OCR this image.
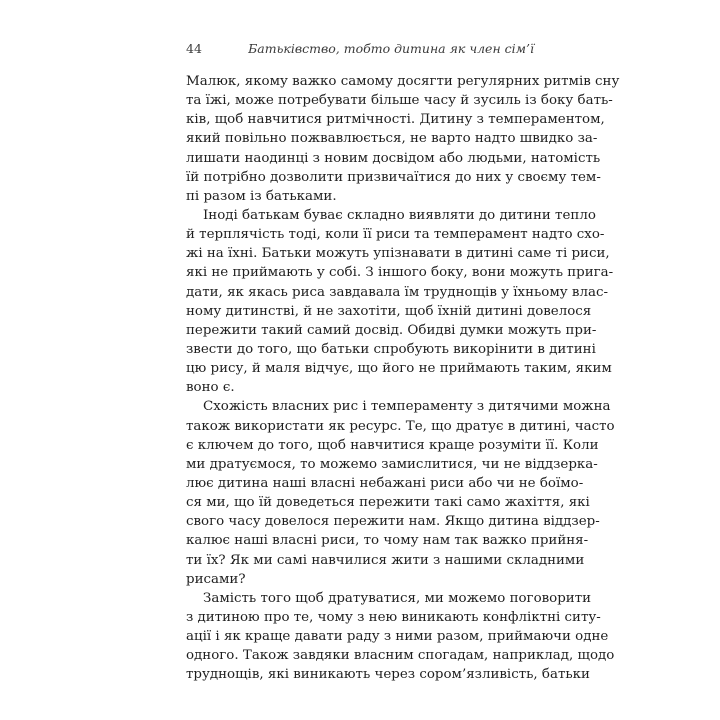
44	Батьківство, тобто дитина як член сім’ї
Малюк, якому важко самому досягти регулярних ритмів сну
та їжі, може потребувати більше часу й зусиль із боку бать-
ків, щоб навчитися ритмічності. Дитину з темпераментом,
який повільно пожвавлюється, не варто надто швидко за-
лишати наодинці з новим досвідом або людьми, натомість
їй потрібно дозволити призвичаїтися до них у своєму тем-
пі разом із батьками.
Іноді батькам буває складно виявляти до дитини тепло
й терплячість тоді, коли її риси та темперамент надто схо-
жі на їхні. Батьки можуть упізнавати в дитині саме ті риси,
які не приймають у собі. З іншого боку, вони можуть пригa-
дати, як якась риса завдавала їм труднощів у їхньому влас-
ному дитинстві, й не захотіти, щоб їхній дитині довелося
пережити такий самий досвід. Обидві думки можуть при-
звести до того, що батьки спробують викорінити в дитині
цю рису, й маля відчує, що його не приймають таким, яким
воно є.
Схожість власних рис і темпераменту з дитячими можна
також використати як ресурс. Те, що дратує в дитині, часто
є ключем до того, щоб навчитися краще розуміти її. Коли
ми дратуємося, то можемо замислитися, чи не віддзеркa-
лює дитина наші власні небажані риси або чи не боїмо-
ся ми, що їй доведеться пережити такі само жахіття, які
свого часу довелося пережити нам. Якщо дитина віддзер-
калює наші власні риси, то чому нам так важко прийня-
ти їх? Як ми самі навчилися жити з нашими складними
рисами?
Замість того щоб дратуватися, ми можемо поговорити
з дитиною про те, чому з нею виникають конфліктні ситу-
ації і як краще давати раду з ними разом, приймаючи одне
одного. Також завдяки власним спогадам, наприклад, щодо
труднощів, які виникають через сором’язливість, батьки
